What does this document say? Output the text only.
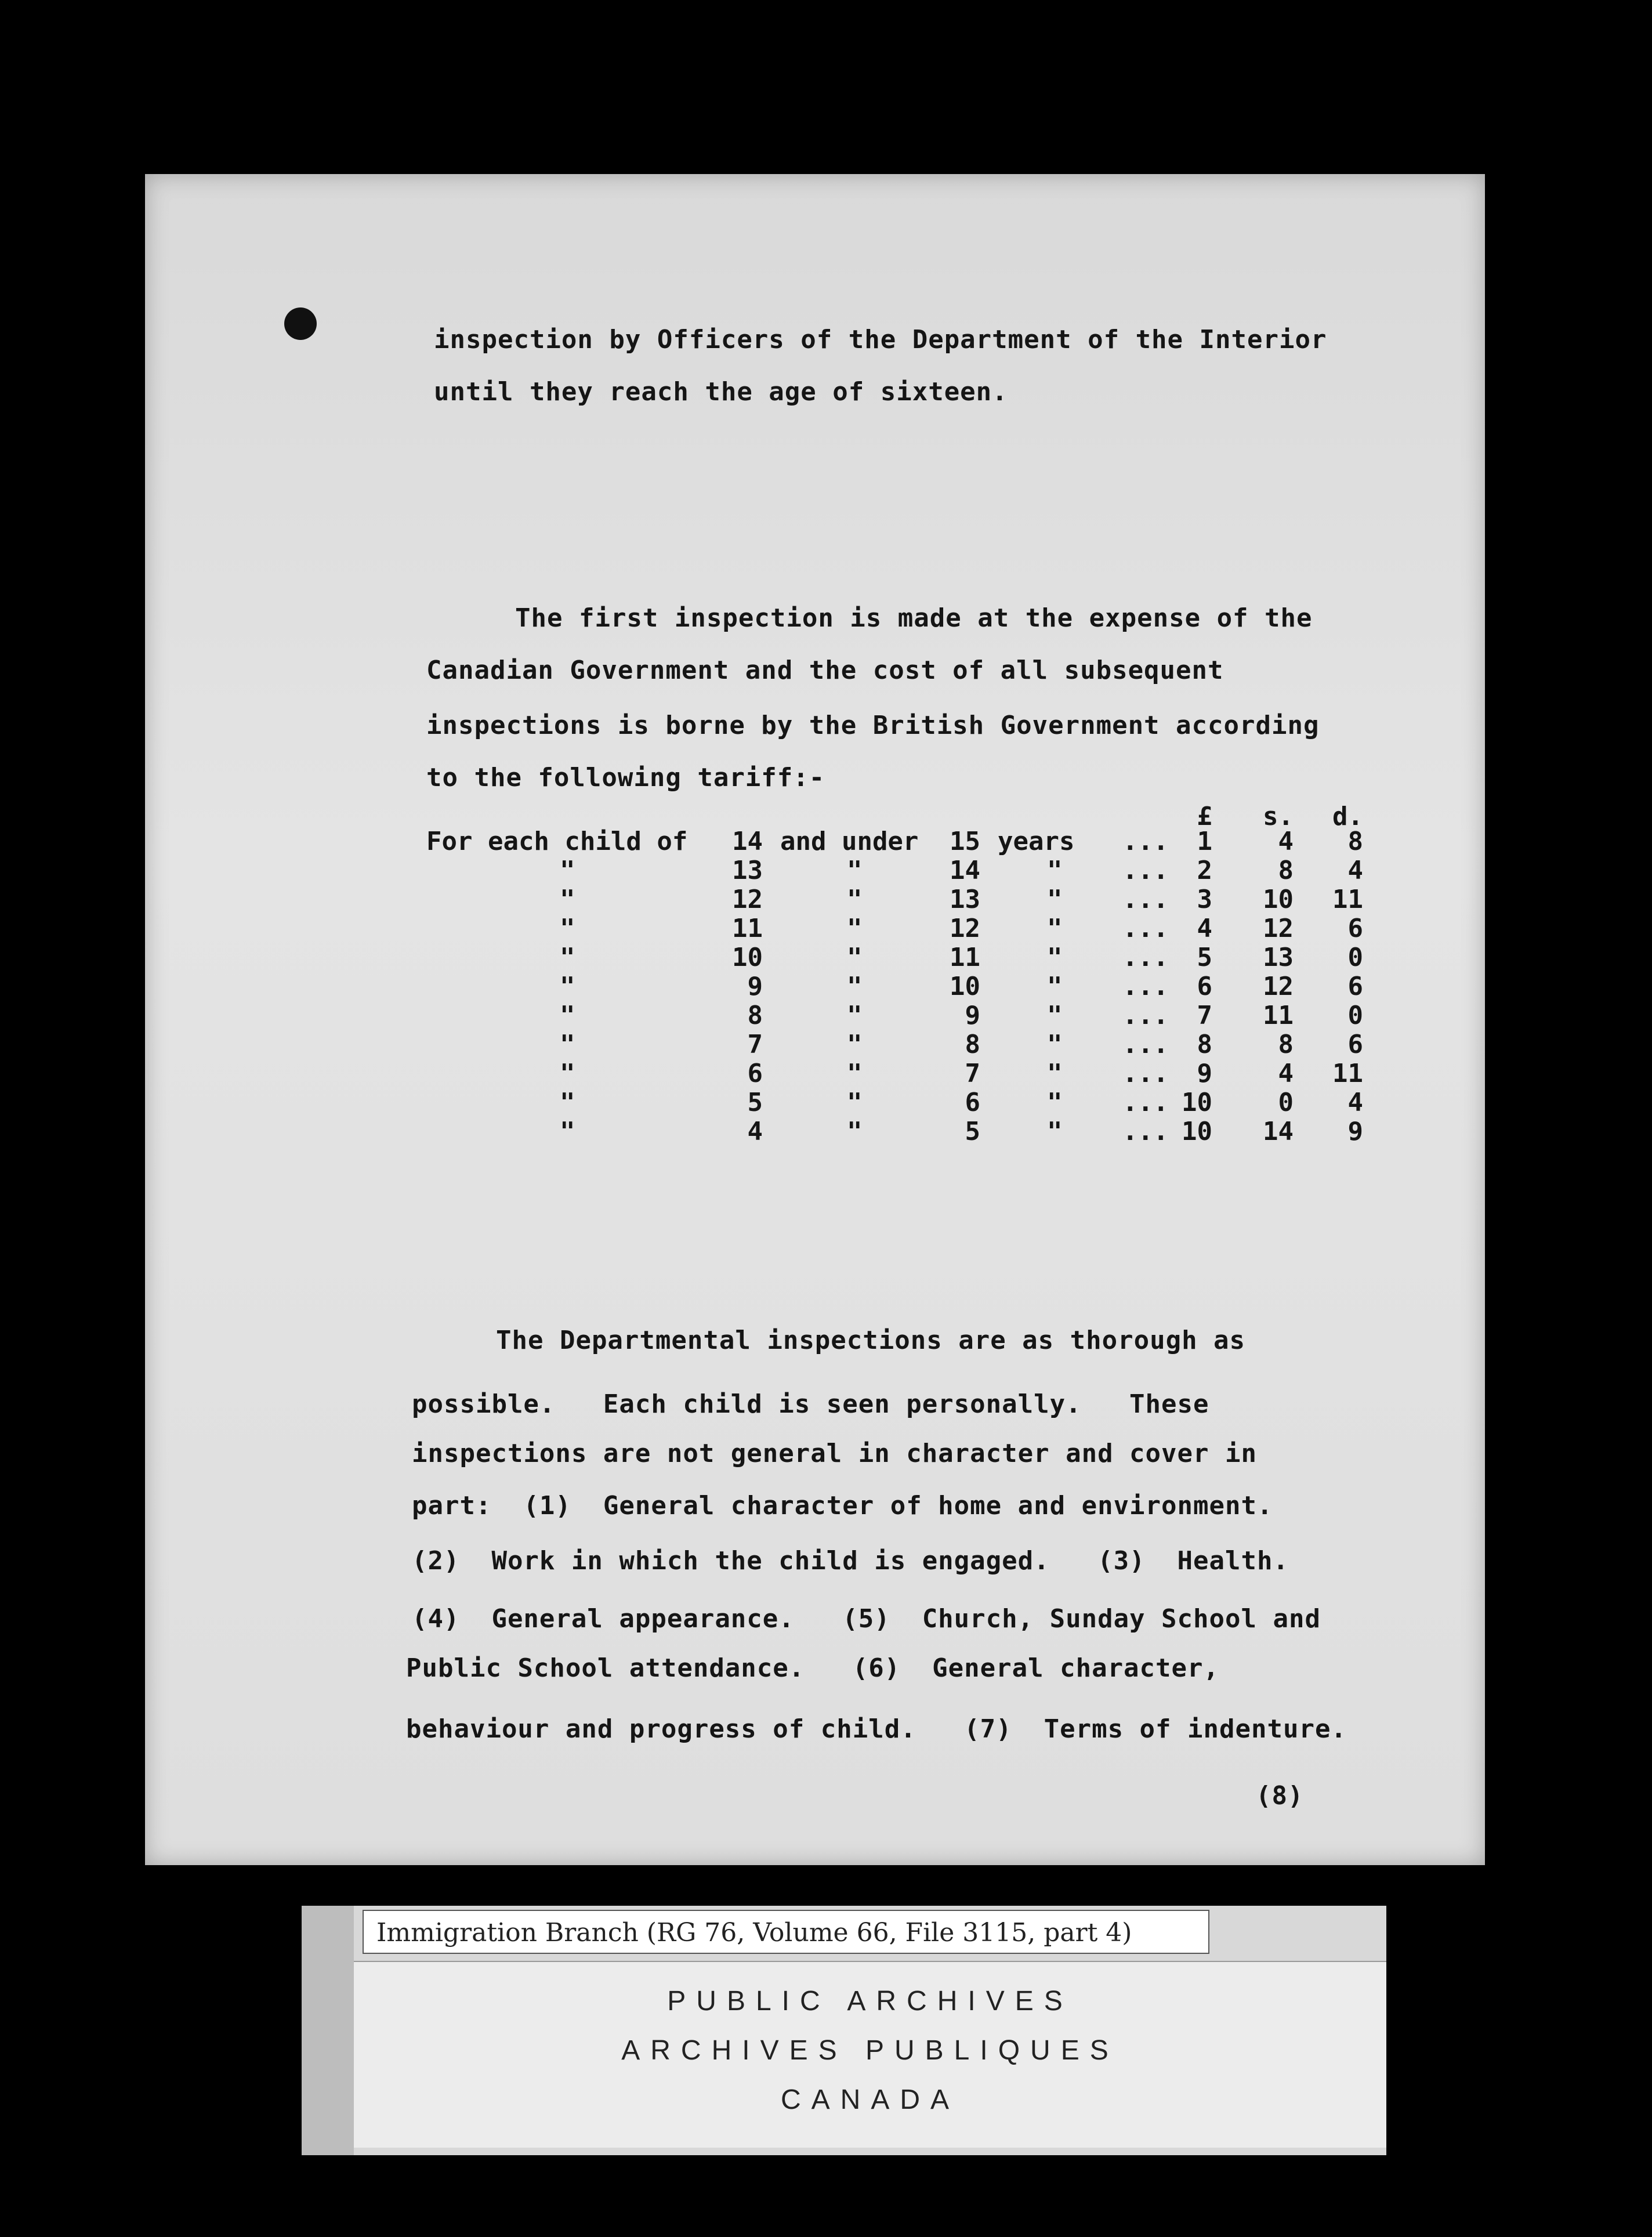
inspection by Officers of the Department of the Interior
until they reach the age of sixteen.
The first inspection is made at the expense of the
Canadian Government and the cost of all subsequent
inspections is borne by the British Government according
to the following tariff:-
£	s.	d.
For each child of	14 and under	15 years	...	1	4	8
"	13	"	14	"	...	2	8	4
"	12	"	13	"	...	3	10	11
"	11	"	12	"	...	4	12	6
"	10	"	11	"	...	5	13	0
"	9	"	10	"	...	6	12	6
"	8	"	9	"	...	7	11	0
"	7	"	8	"	...	8	8	6
"	6	"	7	"	...	9	4	11
"	5	"	6	"	... 10	0	4
"	4	"	5	"	... 10	14	9
The Departmental inspections are as thorough as
possible.   Each child is seen personally.   These
inspections are not general in character and cover in
part:  (1)  General character of home and environment.
(2)  Work in which the child is engaged.   (3)  Health.
(4)  General appearance.   (5)  Church, Sunday School and
Public School attendance.   (6)  General character,
behaviour and progress of child.   (7)  Terms of indenture.
(8)
Immigration Branch (RG 76, Volume 66, File 3115, part 4)
PUBLIC ARCHIVES
ARCHIVES PUBLIQUES
CANADA
